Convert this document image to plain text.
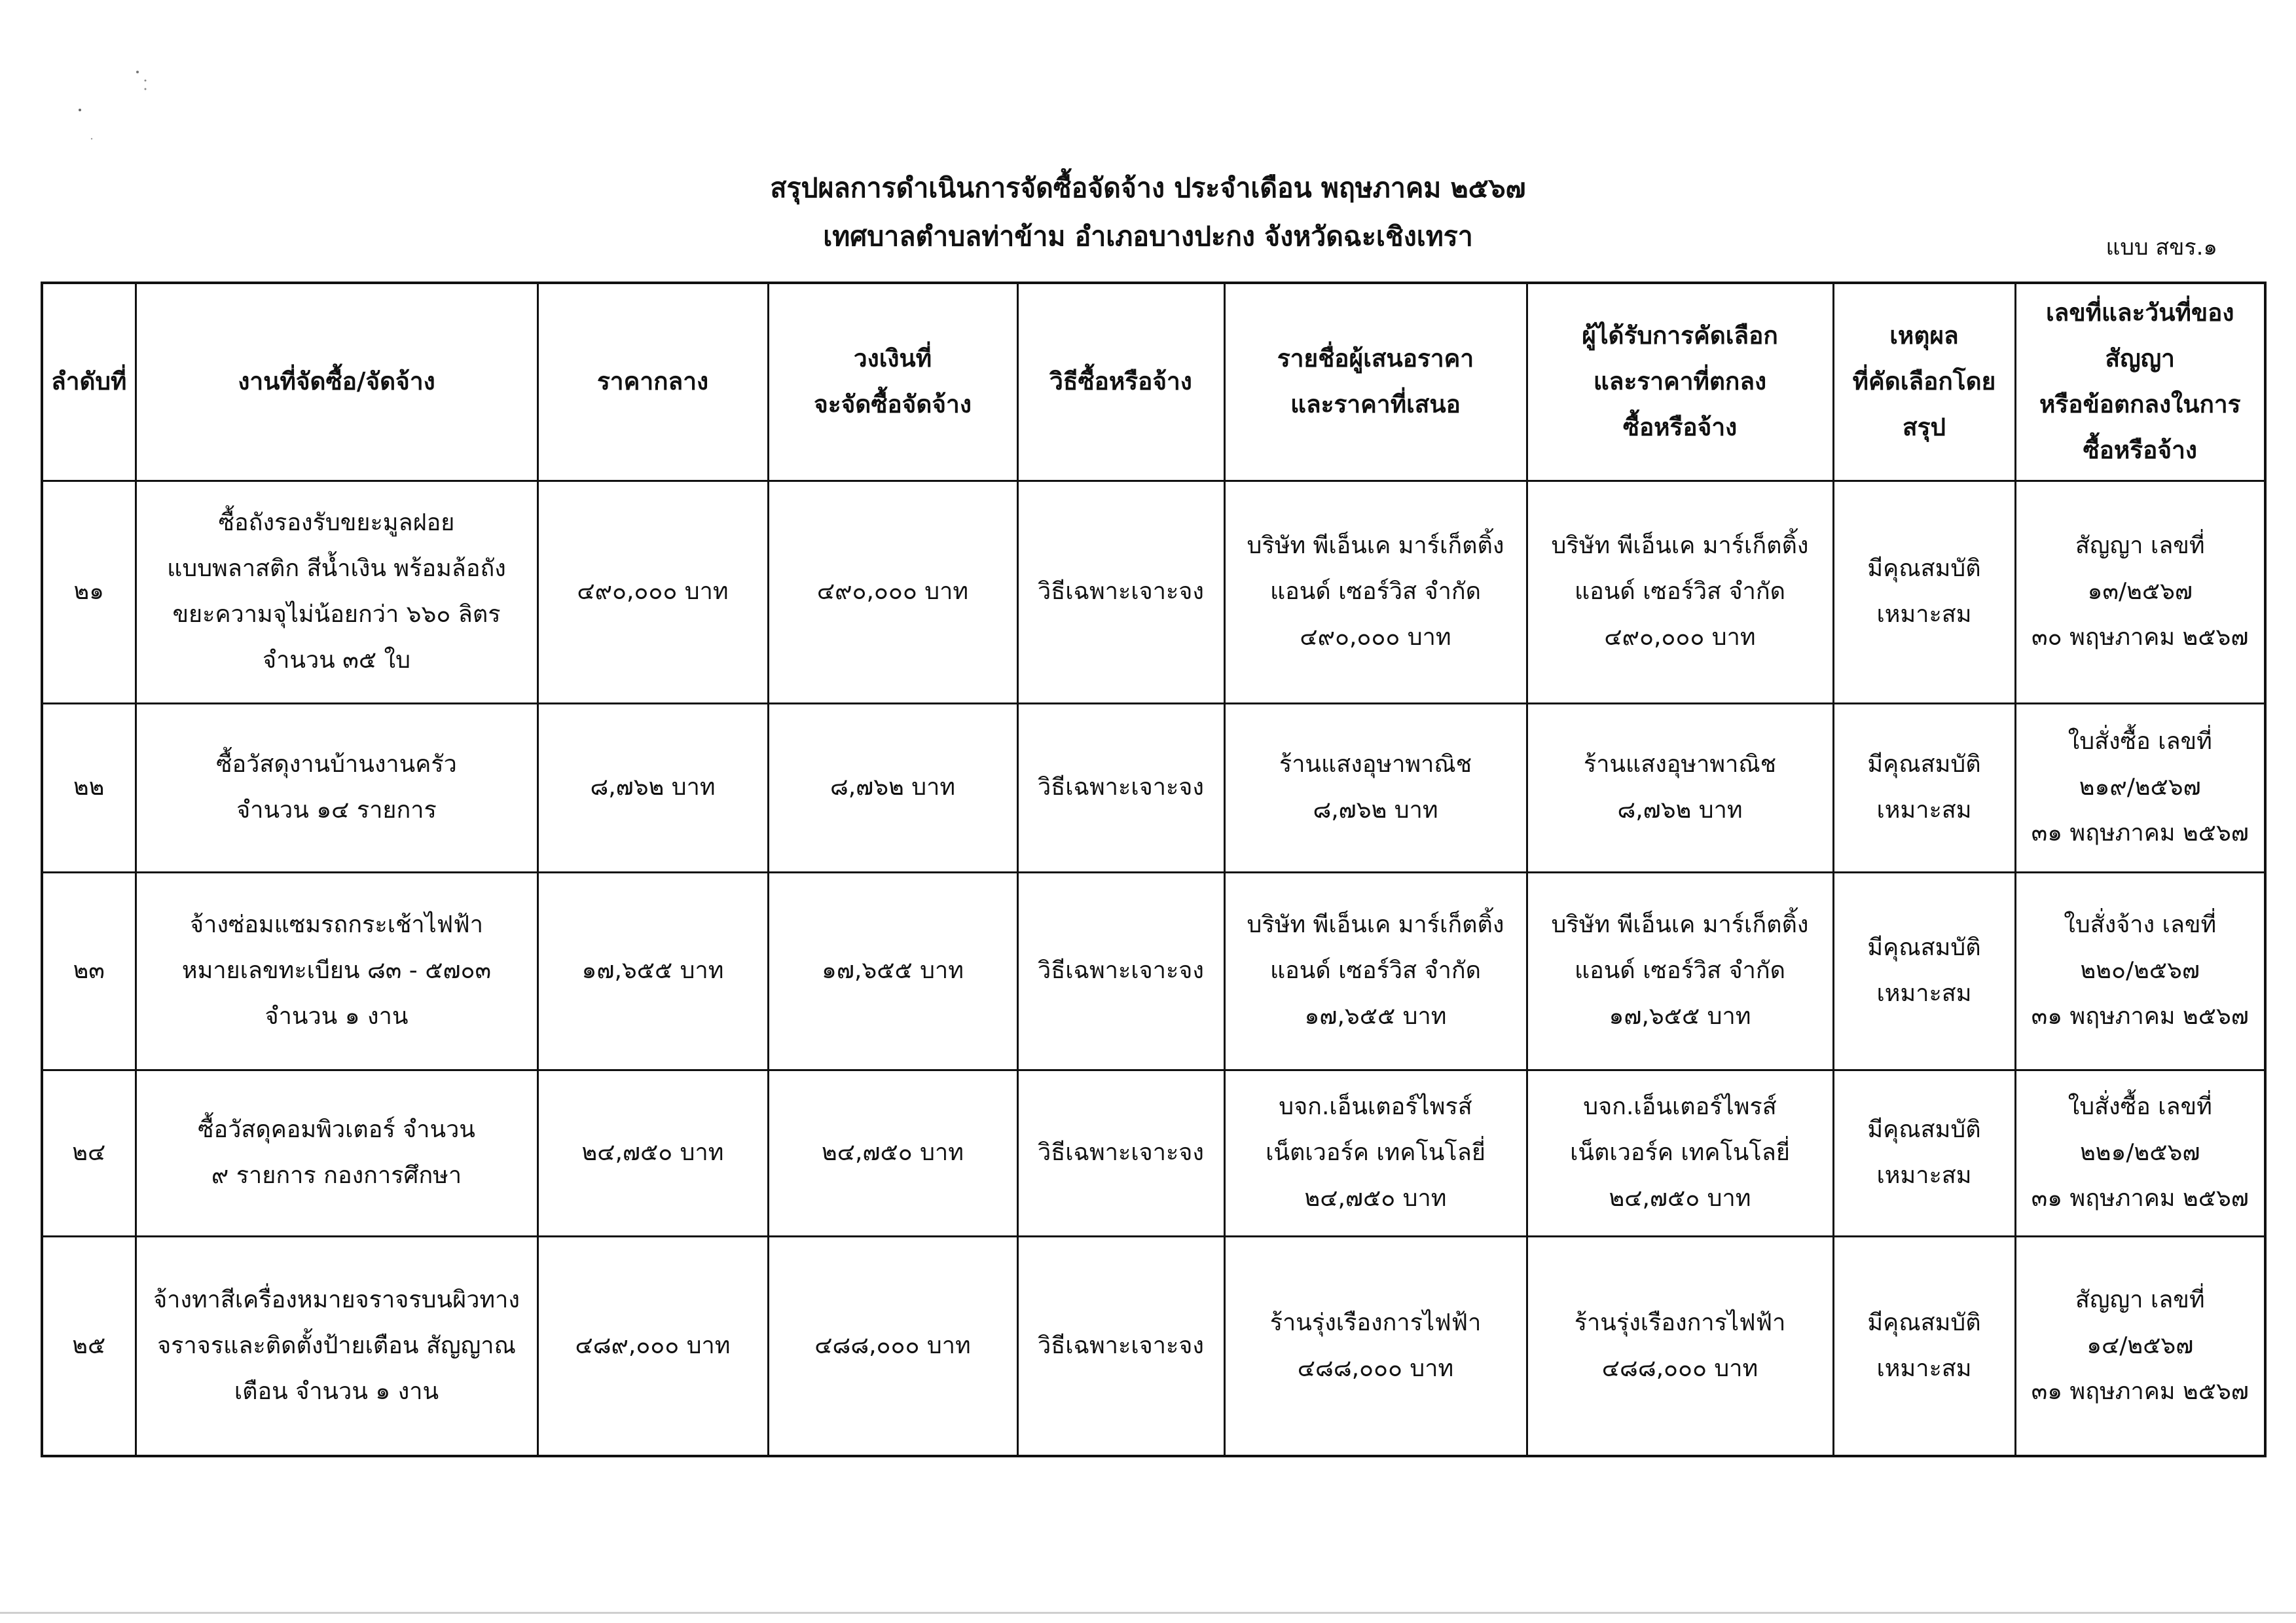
สรุปผลการดำเนินการจัดซื้อจัดจ้าง ประจำเดือน พฤษภาคม ๒๕๖๗
เทศบาลตำบลท่าข้าม อำเภอบางปะกง จังหวัดฉะเชิงเทรา	แบบ สขร.๑
ลำดับที่	งานที่จัดซื้อ/จัดจ้าง	ราคากลาง	วงเงินที่
จะจัดซื้อจัดจ้าง	วิธีซื้อหรือจ้าง	รายชื่อผู้เสนอราคา
และราคาที่เสนอ	ผู้ได้รับการคัดเลือก
และราคาที่ตกลง
ซื้อหรือจ้าง	เหตุผล
ที่คัดเลือกโดย
สรุป	เลขที่และวันที่ของ
สัญญา
หรือข้อตกลงในการ
ซื้อหรือจ้าง

๒๑	ซื้อถังรองรับขยะมูลฝอย
แบบพลาสติก สีน้ำเงิน พร้อมล้อถัง
ขยะความจุไม่น้อยกว่า ๖๖๐ ลิตร
จำนวน ๓๕ ใบ	๔๙๐,๐๐๐ บาท	๔๙๐,๐๐๐ บาท	วิธีเฉพาะเจาะจง	บริษัท พีเอ็นเค มาร์เก็ตติ้ง
แอนด์ เซอร์วิส จำกัด
๔๙๐,๐๐๐ บาท	บริษัท พีเอ็นเค มาร์เก็ตติ้ง
แอนด์ เซอร์วิส จำกัด
๔๙๐,๐๐๐ บาท	มีคุณสมบัติ
เหมาะสม	สัญญา เลขที่
๑๓/๒๕๖๗
๓๐ พฤษภาคม ๒๕๖๗

๒๒	ซื้อวัสดุงานบ้านงานครัว
จำนวน ๑๔ รายการ	๘,๗๖๒ บาท	๘,๗๖๒ บาท	วิธีเฉพาะเจาะจง	ร้านแสงอุษาพาณิช
๘,๗๖๒ บาท	ร้านแสงอุษาพาณิช
๘,๗๖๒ บาท	มีคุณสมบัติ
เหมาะสม	ใบสั่งซื้อ เลขที่
๒๑๙/๒๕๖๗
๓๑ พฤษภาคม ๒๕๖๗

๒๓	จ้างซ่อมแซมรถกระเช้าไฟฟ้า
หมายเลขทะเบียน ๘๓ - ๕๗๐๓
จำนวน ๑ งาน	๑๗,๖๕๕ บาท	๑๗,๖๕๕ บาท	วิธีเฉพาะเจาะจง	บริษัท พีเอ็นเค มาร์เก็ตติ้ง
แอนด์ เซอร์วิส จำกัด
๑๗,๖๕๕ บาท	บริษัท พีเอ็นเค มาร์เก็ตติ้ง
แอนด์ เซอร์วิส จำกัด
๑๗,๖๕๕ บาท	มีคุณสมบัติ
เหมาะสม	ใบสั่งจ้าง เลขที่
๒๒๐/๒๕๖๗
๓๑ พฤษภาคม ๒๕๖๗

๒๔	ซื้อวัสดุคอมพิวเตอร์ จำนวน
๙ รายการ กองการศึกษา	๒๔,๗๕๐ บาท	๒๔,๗๕๐ บาท	วิธีเฉพาะเจาะจง	บจก.เอ็นเตอร์ไพรส์
เน็ตเวอร์ค เทคโนโลยี่
๒๔,๗๕๐ บาท	บจก.เอ็นเตอร์ไพรส์
เน็ตเวอร์ค เทคโนโลยี่
๒๔,๗๕๐ บาท	มีคุณสมบัติ
เหมาะสม	ใบสั่งซื้อ เลขที่
๒๒๑/๒๕๖๗
๓๑ พฤษภาคม ๒๕๖๗

๒๕	จ้างทาสีเครื่องหมายจราจรบนผิวทาง
จราจรและติดตั้งป้ายเตือน สัญญาณ
เตือน จำนวน ๑ งาน	๔๘๙,๐๐๐ บาท	๔๘๘,๐๐๐ บาท	วิธีเฉพาะเจาะจง	ร้านรุ่งเรืองการไฟฟ้า
๔๘๘,๐๐๐ บาท	ร้านรุ่งเรืองการไฟฟ้า
๔๘๘,๐๐๐ บาท	มีคุณสมบัติ
เหมาะสม	สัญญา เลขที่
๑๔/๒๕๖๗
๓๑ พฤษภาคม ๒๕๖๗
